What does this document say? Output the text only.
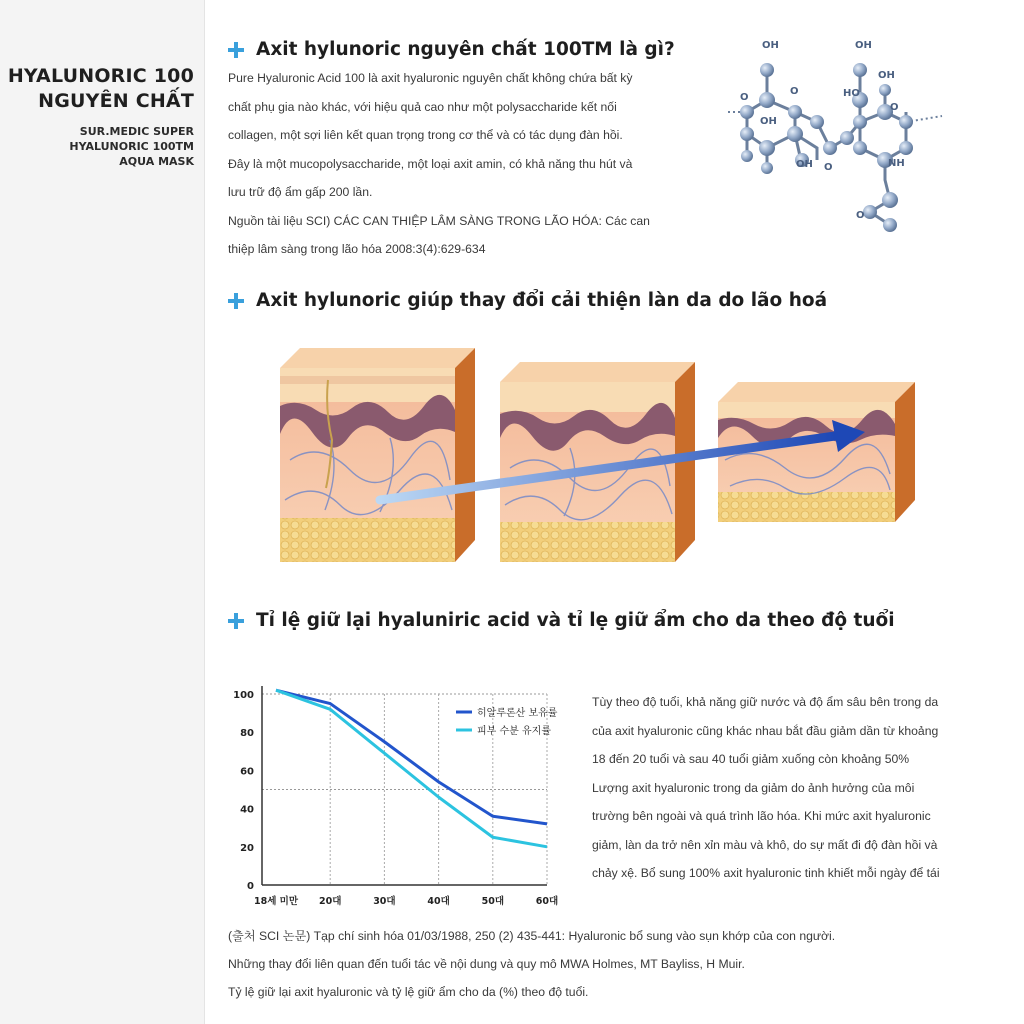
HYALUNORIC 100
NGUYÊN CHẤT
SUR.MEDIC SUPER
HYALUNORIC 100TM
AQUA MASK
Axit hylunoric nguyên chất 100TM là gì?
Pure Hyaluronic Acid 100 là axit hyaluronic nguyên chất không chứa bất kỳ
chất phụ gia nào khác, với hiệu quả cao như một polysaccharide kết nối
collagen, một sợi liên kết quan trọng trong cơ thể và có tác dụng đàn hồi.
Đây là một mucopolysaccharide, một loại axit amin, có khả năng thu hút và
lưu trữ độ ẩm gấp 200 lần.
Nguồn tài liệu SCI) CÁC CAN THIỆP LÂM SÀNG TRONG LÃO HÓA: Các can
thiệp lâm sàng trong lão hóa 2008:3(4):629-634
OH	OH
O
O
OH
O
OH
HO
OH
O
NH
O
Axit hylunoric giúp thay đổi cải thiện làn da do lão hoá
Tỉ lệ giữ lại hyaluniric acid và tỉ lẹ giữ ẩm cho da theo độ tuổi
0
20
40
60
80
100
18세 미만 20대	30대	40대	50대	60대
히알루론산 보유률
피부 수분 유지률
Tùy theo độ tuổi, khả năng giữ nước và độ ẩm sâu bên trong da
của axit hyaluronic cũng khác nhau bắt đầu giảm dần từ khoảng
18 đến 20 tuổi và sau 40 tuổi giảm xuống còn khoảng 50%
Lượng axit hyaluronic trong da giảm do ảnh hưởng của môi
trường bên ngoài và quá trình lão hóa. Khi mức axit hyaluronic
giảm, làn da trở nên xỉn màu và khô, do sự mất đi độ đàn hồi và
chảy xệ. Bổ sung 100% axit hyaluronic tinh khiết mỗi ngày để tái
(출처 SCI 논문) Tạp chí sinh hóa 01/03/1988, 250 (2) 435-441: Hyaluronic bổ sung vào sụn khớp của con người.
Những thay đổi liên quan đến tuổi tác về nội dung và quy mô MWA Holmes, MT Bayliss, H Muir.
Tỷ lệ giữ lại axit hyaluronic và tỷ lệ giữ ẩm cho da (%) theo độ tuổi.
